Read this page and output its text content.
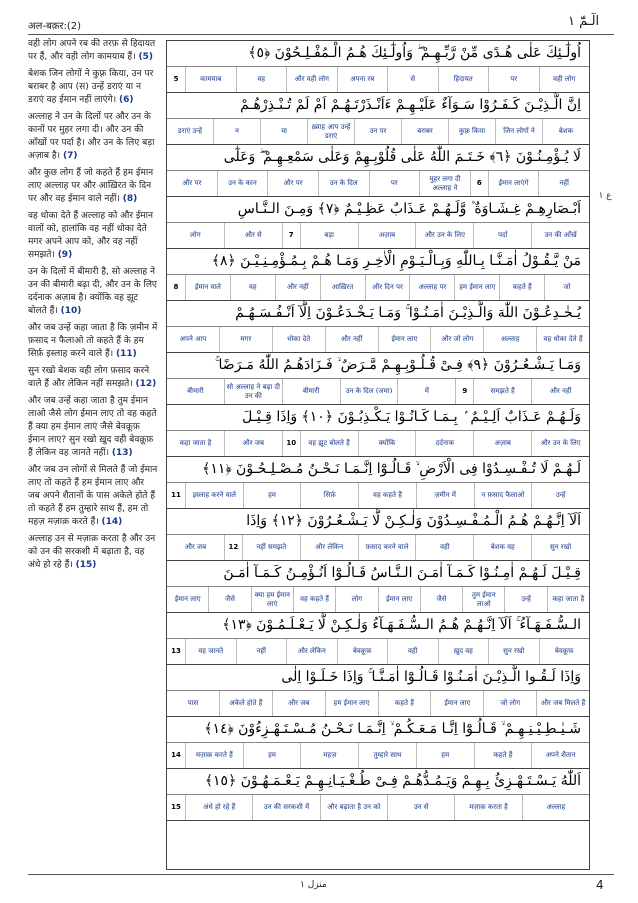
अल-बक़र:(2)	الٓـمّٓ ١

वही लोग अपने रब की तरफ़ से हिदायत पर हैं, और वही लोग कामयाब हैं। (5)

बेशक जिन लोगों ने कुफ़्र किया, उन पर बराबर है आप (स) उन्हें डराएं या न डराएं वह ईमान नहीं लाएंगे। (6)

अल्लाह ने उन के दिलों पर और उन के कानों पर मुहर लगा दी। और उन की आँखों पर पर्दा है। और उन के लिए बड़ा अज़ाब है। (7)

और कुछ लोग हैं जो कहते हैं हम ईमान लाए अल्लाह पर और आख़िरत के दिन पर और वह ईमान वाले नहीं। (8)

वह धोका देते हैं अल्लाह को और ईमान वालों को, हालांकि वह नहीं धोका देते मगर अपने आप को, और वह नहीं समझते। (9)

उन के दिलों में बीमारी है, सो अल्लाह ने उन की बीमारी बढ़ा दी, और उन के लिए दर्दनाक अज़ाब है। क्योंकि वह झूट बोलते हैं। (10)

और जब उन्हें कहा जाता है कि ज़मीन में फ़साद न फैलाओ तो कहते हैं के हम सिर्फ़ इस्लाह करने वाले हैं। (11)

सुन रखो बेशक वही लोग फ़साद करने वाले हैं और लेकिन नहीं समझते। (12)

और जब उन्हें कहा जाता है तुम ईमान लाओ जैसे लोग ईमान लाए तो वह कहते हैं क्या हम ईमान लाएं जैसे बेवक़ूफ़ ईमान लाए? सुन रखो ख़ुद वही बेवक़ूफ़ हैं लेकिन वह जानते नहीं। (13)

और जब उन लोगों से मिलते हैं जो ईमान लाए तो कहते हैं हम ईमान लाए और जब अपने शैतानों के पास अकेले होते हैं तो कहते हैं हम तुम्हारे साथ हैं, हम तो महज़ मज़ाक़ करते हैं। (14)

अल्लाह उन से मज़ाक़ करता है और उन को उन की सरकशी में बढ़ाता है, वह अंधे हो रहे हैं। (15)

اُولٰٓـئِكَ عَلٰى هُـدًى مِّنْ رَّبِّـهِـمْ ۖ وَاُولٰٓـئِكَ هُـمُ الْـمُفْـلِـحُوْنَ ﴿٥﴾
वही लोग
पर
हिदायत
से
अपना रब
और वही लोग
वह
कामयाब
5
اِنَّ الَّـذِيْـنَ كَـفَـرُوْا سَـوَآءٌ عَلَيْـهِـمْ ءَاَنْـذَرْتَـهُـمْ اَمْ لَمْ تُـنْـذِرْهُـمْ
बेशक
जिन लोगों ने
कुफ़्र किया
बराबर
उन पर
ख़्वाह आप उन्हें डराएं
या
न
डराएं उन्हें
لَا يُـؤْمِـنُـوْنَ ﴿٦﴾ خَـتَـمَ اللّٰهُ عَلٰى قُلُوْبِـهِمْ وَعَلٰى سَمْعِـهِـمْ ۖ وَعَلٰٓى
नहीं
ईमान लाएंगे
6
मुहर लगा दी अल्लाह ने
पर
उन के दिल
और पर
उन के कान
और पर
اَبْـصَارِهِـمْ غِـشَـاوَةٌ ۫ وَّلَـهُـمْ عَـذَابٌ عَظِـيْـمٌ ﴿٧﴾ وَمِـنَ الـنَّـاسِ
उन की आँखें
पर्दा
और उन के लिए
अज़ाब
बड़ा
7
और से
लोग
مَنْ يَّـقُـوْلُ اٰمَـنَّـا بِـاللّٰهِ وَبِـالْـيَـوْمِ الْاٰخِـرِ وَمَـا هُـمْ بِـمُـؤْمِـنِـيْـنَ ﴿٨﴾
जो
कहते हैं
हम ईमान लाए
अल्लाह पर
और दिन पर
आख़िरत
और नहीं
वह
ईमान वाले
8
يُـخٰـدِعُـوْنَ اللّٰهَ وَالَّـذِيْـنَ اٰمَـنُـوْا ۚ وَمَـا يَـخْـدَعُـوْنَ اِلَّآ اَنْـفُـسَـهُـمْ
वह धोका देते हैं
अल्लाह
और जो लोग
ईमान लाए
और नहीं
धोका देते
मगर
अपने आप
وَمَـا يَـشْـعُـرُوْنَ ﴿٩﴾ فِـىْ قُـلُـوْبِـهِـمْ مَّـرَضٌ ۙ فَـزَادَهُـمُ اللّٰهُ مَـرَضًا ۚ
और नहीं
समझते हैं
9
में
उन के दिल (जमा)
बीमारी
सो अल्लाह ने बढ़ा दी उन की
बीमारी
وَلَـهُـمْ عَـذَابٌ اَلِـيْـمٌ ۢ بِـمَـا كَـانُـوْا يَـكْـذِبُـوْنَ ﴿١٠﴾ وَاِذَا قِـيْـلَ
और उन के लिए
अज़ाब
दर्दनाक
क्योंकि
वह झूट बोलते हैं
10
और जब
कहा जाता है
لَـهُـمْ لَا تُـفْـسِـدُوْا فِى الْاَرْضِ ۙ قَـالُـوْٓا اِنَّـمَـا نَـحْـنُ مُـصْـلِـحُـوْنَ ﴿١١﴾
उन्हें
न फ़साद फैलाओ
ज़मीन में
वह कहते हैं
सिर्फ़
हम
इस्लाह करने वाले
11
اَلَآ اِنَّـهُـمْ هُـمُ الْـمُـفْـسِـدُوْنَ وَلٰـكِـنْ لَّا يَـشْـعُـرُوْنَ ﴿١٢﴾ وَاِذَا
सुन रखो
बेशक वह
वही
फ़साद करने वाले
और लेकिन
नहीं समझते
12
और जब
قِـيْـلَ لَـهُـمْ اٰمِـنُـوْا كَـمَـآ اٰمَـنَ الـنَّـاسُ قَـالُـوْٓا اَنُـؤْمِـنُ كَـمَـآ اٰمَـنَ
कहा जाता है
उन्हें
तुम ईमान लाओ
जैसे
ईमान लाए
लोग
वह कहते हैं
क्या हम ईमान लाएं
जैसे
ईमान लाए
الـسُّـفَـهَـآءُ ۚ اَلَآ اِنَّـهُـمْ هُـمُ الـسُّـفَـهَـآءُ وَلٰـكِـنْ لَّا يَـعْـلَـمُـوْنَ ﴿١٣﴾
बेवक़ूफ़
सुन रखो
ख़ुद वह
वही
बेवक़ूफ़
और लेकिन
नहीं
वह जानते
13
وَاِذَا لَـقُـوا الَّـذِيْـنَ اٰمَـنُـوْا قَـالُـوْٓا اٰمَـنَّـا ۚ وَاِذَا خَـلَـوْا اِلٰى
और जब मिलते हैं
जो लोग
ईमान लाए
कहते हैं
हम ईमान लाए
और जब
अकेले होते हैं
पास
شَـيٰـطِـيْـنِـهِـمْ ۙ قَـالُـوْٓا اِنَّـا مَـعَـكُـمْ ۙ اِنَّـمَـا نَـحْـنُ مُـسْـتَـهْـزِءُوْنَ ﴿١٤﴾
अपने शैतान
कहते हैं
हम
तुम्हारे साथ
महज़
हम
मज़ाक़ करते हैं
14
اَللّٰهُ يَـسْـتَـهْـزِئُ بِـهِـمْ وَيَـمُـدُّهُـمْ فِـىْ طُـغْـيَـانِـهِـمْ يَـعْـمَـهُـوْنَ ﴿١٥﴾
अल्लाह
मज़ाक़ करता है
उन से
और बढ़ाता है उन को
उन की सरकशी में
अंधे हो रहे हैं
15
ع ١
منزل ١	4
